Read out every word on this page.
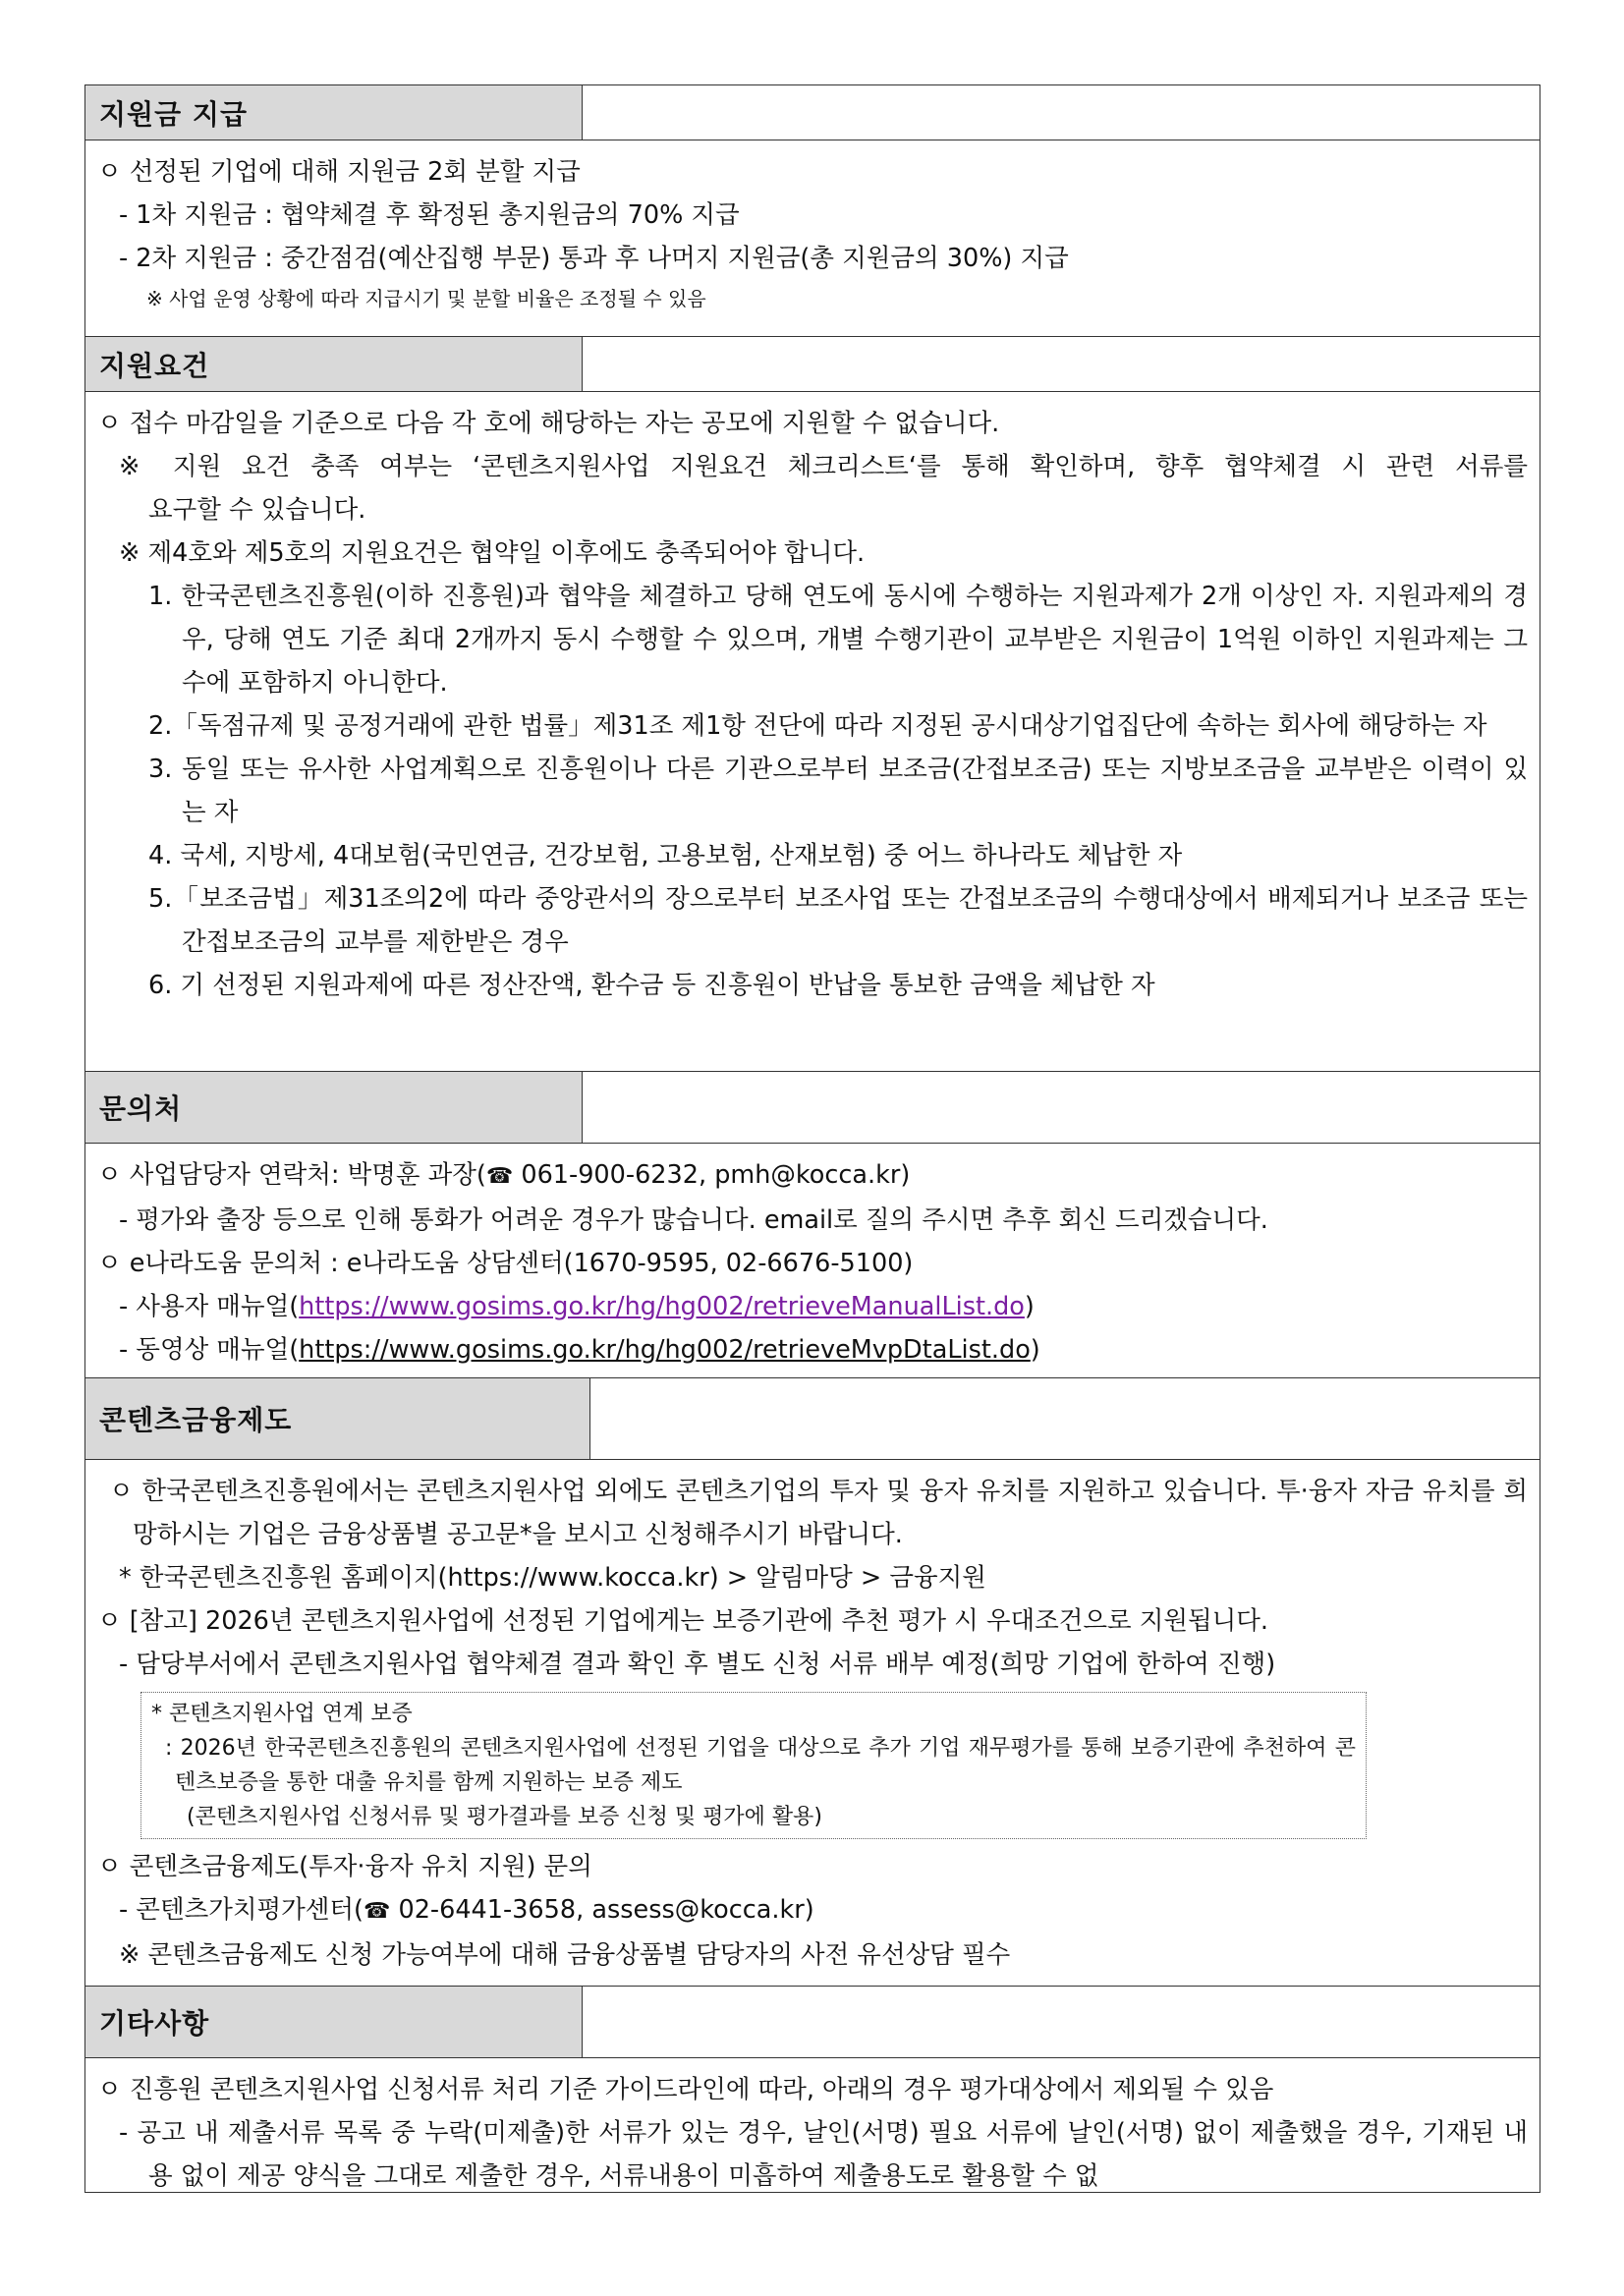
지원금 지급
ㅇ 선정된 기업에 대해 지원금 2회 분할 지급
- 1차 지원금 : 협약체결 후 확정된 총지원금의 70% 지급
- 2차 지원금 : 중간점검(예산집행 부문) 통과 후 나머지 지원금(총 지원금의 30%) 지급
※ 사업 운영 상황에 따라 지급시기 및 분할 비율은 조정될 수 있음
지원요건
ㅇ 접수 마감일을 기준으로 다음 각 호에 해당하는 자는 공모에 지원할 수 없습니다.
※ 지원 요건 충족 여부는 ‘콘텐츠지원사업 지원요건 체크리스트‘를 통해 확인하며, 향후 협약체결 시 관련 서류를
요구할 수 있습니다.
※ 제4호와 제5호의 지원요건은 협약일 이후에도 충족되어야 합니다.
1. 한국콘텐츠진흥원(이하 진흥원)과 협약을 체결하고 당해 연도에 동시에 수행하는 지원과제가 2개 이상인 자. 지원과제의 경우, 당해 연도 기준 최대 2개까지 동시 수행할 수 있으며, 개별 수행기관이 교부받은 지원금이 1억원 이하인 지원과제는 그 수에 포함하지 아니한다.
2.「독점규제 및 공정거래에 관한 법률」제31조 제1항 전단에 따라 지정된 공시대상기업집단에 속하는 회사에 해당하는 자
3. 동일 또는 유사한 사업계획으로 진흥원이나 다른 기관으로부터 보조금(간접보조금) 또는 지방보조금을 교부받은 이력이 있는 자
4. 국세, 지방세, 4대보험(국민연금, 건강보험, 고용보험, 산재보험) 중 어느 하나라도 체납한 자
5.「보조금법」제31조의2에 따라 중앙관서의 장으로부터 보조사업 또는 간접보조금의 수행대상에서 배제되거나 보조금 또는 간접보조금의 교부를 제한받은 경우
6. 기 선정된 지원과제에 따른 정산잔액, 환수금 등 진흥원이 반납을 통보한 금액을 체납한 자
문의처
ㅇ 사업담당자 연락처: 박명훈 과장(☎ 061-900-6232, pmh@kocca.kr)
- 평가와 출장 등으로 인해 통화가 어려운 경우가 많습니다. email로 질의 주시면 추후 회신 드리겠습니다.
ㅇ e나라도움 문의처 : e나라도움 상담센터(1670-9595, 02-6676-5100)
- 사용자 매뉴얼(https://www.gosims.go.kr/hg/hg002/retrieveManualList.do)
- 동영상 매뉴얼(https://www.gosims.go.kr/hg/hg002/retrieveMvpDtaList.do)
콘텐츠금융제도
ㅇ 한국콘텐츠진흥원에서는 콘텐츠지원사업 외에도 콘텐츠기업의 투자 및 융자 유치를 지원하고 있습니다. 투·융자 자금 유치를 희망하시는 기업은 금융상품별 공고문*을 보시고 신청해주시기 바랍니다.
* 한국콘텐츠진흥원 홈페이지(https://www.kocca.kr) > 알림마당 > 금융지원
ㅇ [참고] 2026년 콘텐츠지원사업에 선정된 기업에게는 보증기관에 추천 평가 시 우대조건으로 지원됩니다.
- 담당부서에서 콘텐츠지원사업 협약체결 결과 확인 후 별도 신청 서류 배부 예정(희망 기업에 한하여 진행)
* 콘텐츠지원사업 연계 보증
: 2026년 한국콘텐츠진흥원의 콘텐츠지원사업에 선정된 기업을 대상으로 추가 기업 재무평가를 통해 보증기관에 추천하여 콘텐츠보증을 통한 대출 유치를 함께 지원하는 보증 제도
(콘텐츠지원사업 신청서류 및 평가결과를 보증 신청 및 평가에 활용)
ㅇ 콘텐츠금융제도(투자·융자 유치 지원) 문의
- 콘텐츠가치평가센터(☎ 02-6441-3658, assess@kocca.kr)
※ 콘텐츠금융제도 신청 가능여부에 대해 금융상품별 담당자의 사전 유선상담 필수
기타사항
ㅇ 진흥원 콘텐츠지원사업 신청서류 처리 기준 가이드라인에 따라, 아래의 경우 평가대상에서 제외될 수 있음
- 공고 내 제출서류 목록 중 누락(미제출)한 서류가 있는 경우, 날인(서명) 필요 서류에 날인(서명) 없이 제출했을 경우, 기재된 내용 없이 제공 양식을 그대로 제출한 경우, 서류내용이 미흡하여 제출용도로 활용할 수 없
